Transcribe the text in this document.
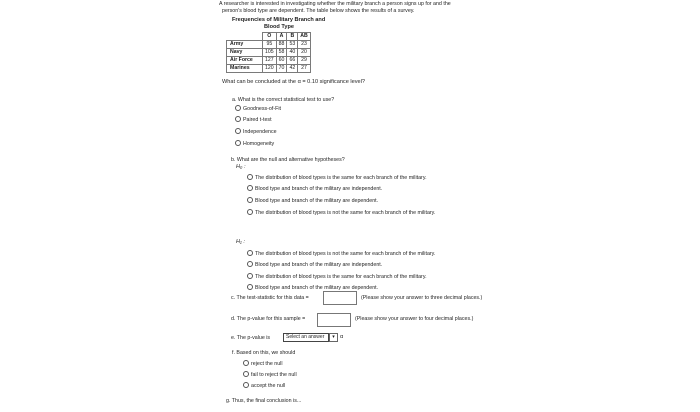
A researcher is interested in investigating whether the military branch a person signs up for and the
person's blood type are dependent. The table below shows the results of a survey.
Frequencies of Military Branch and
Blood Type
	O	A	B	AB
Army	95	88	53	23
Navy	105	58	40	20
Air Force	127	60	66	29
Marines	120	70	42	27
What can be concluded at the α = 0.10 significance level?
a. What is the correct statistical test to use?
Goodness-of-Fit
Paired t-test
Independence
Homogeneity
b. What are the null and alternative hypotheses?
H₀ :
The distribution of blood types is the same for each branch of the military.
Blood type and branch of the military are independent.
Blood type and branch of the military are dependent.
The distribution of blood types is not the same for each branch of the military.
H₁ :
The distribution of blood types is not the same for each branch of the military.
Blood type and branch of the military are independent.
The distribution of blood types is the same for each branch of the military.
Blood type and branch of the military are dependent.
c. The test-statistic for this data =	(Please show your answer to three decimal places.)
d. The p-value for this sample =	(Please show your answer to four decimal places.)
e. The p-value is	Select an answer	▾ α
f. Based on this, we should
reject the null
fail to reject the null
accept the null
g. Thus, the final conclusion is...
